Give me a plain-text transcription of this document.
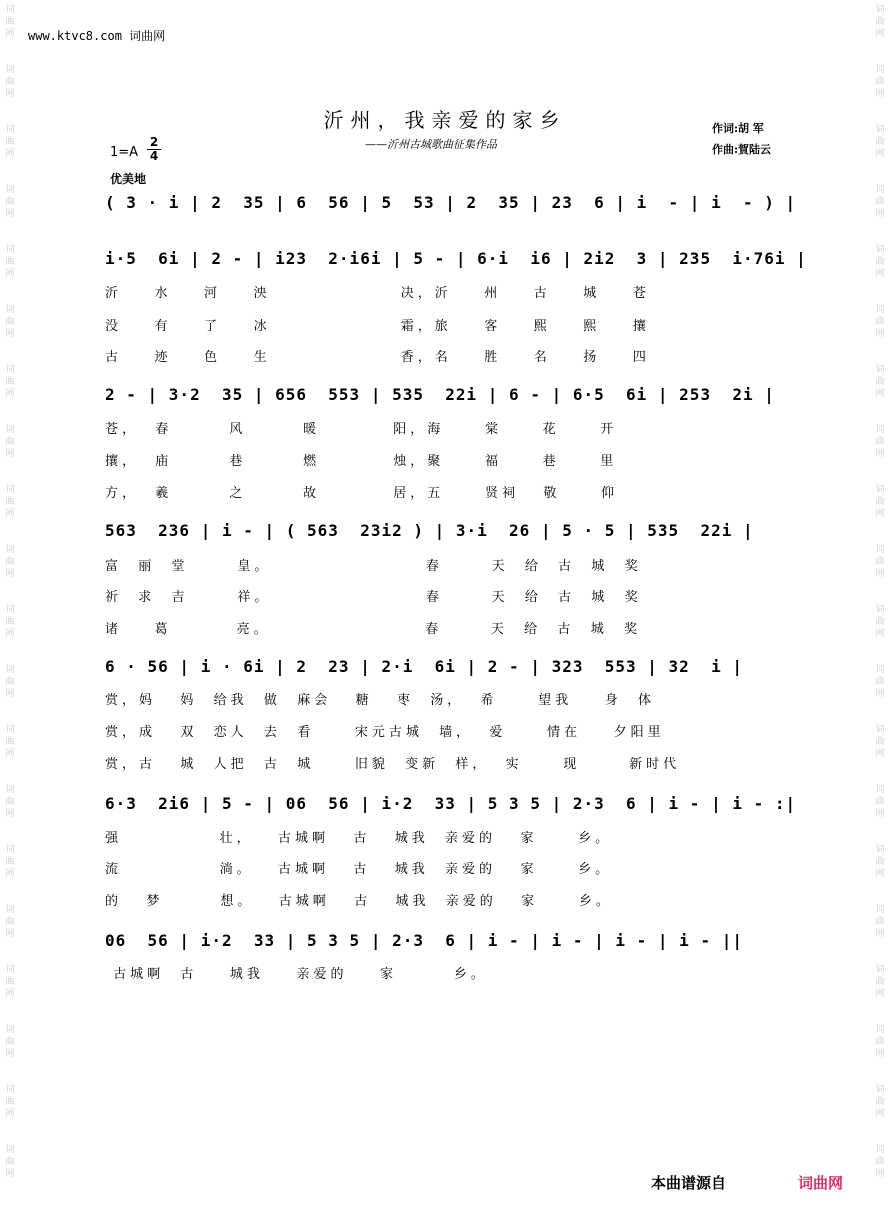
词
曲
网
词
曲
网
词
曲
网
词
曲
网
词
曲
网
词
曲
网
词
曲
网
词
曲
网
词
曲
网
词
曲
网
词
曲
网
词
曲
网
词
曲
网
词
曲
网
词
曲
网
词
曲
网
词
曲
网
词
曲
网
词
曲
网
词
曲
网
词
曲
网
词
曲
网
词
曲
网
词
曲
网
词
曲
网
词
曲
网
词
曲
网
词
曲
网
词
曲
网
词
曲
网
词
曲
网
词
曲
网
词
曲
网
词
曲
网
词
曲
网
词
曲
网
词
曲
网
词
曲
网
词
曲
网
词
曲
网
www.ktvc8.com 词曲网
沂州，我亲爱的家乡
——沂州古城歌曲征集作品
作词:胡 军
作曲:賀陆云
1=A
2
4
优美地
( 3 · i | 2  35 | 6  56 | 5  53 | 2  35 | 23  6 | i  - | i  - ) |
i·5  6i | 2 - | i23  2·i6i | 5 - | 6·i  i6 | 2i2  3 | 235  i·76i |
沂    水    河    泱                决，沂    州    古    城    苍
没    有    了    冰                霜，旅    客    熙    熙    攘
古    迹    色    生                香，名    胜    名    扬    四
2 - | 3·2  35 | 656  553 | 535  22i | 6 - | 6·5  6i | 253  2i |
苍，  春       风       暖         阳，海     棠     花     开
攘，  庙       巷       燃         烛，聚     福     巷     里
方，  羲       之       故         居，五     贤祠   敬     仰
563  236 | i - | ( 563  23i2 ) | 3·i  26 | 5 · 5 | 535  22i |
富  丽  堂      皇。                   春      天  给  古  城  奖
祈  求  吉      祥。                   春      天  给  古  城  奖
诸    葛        亮。                   春      天  给  古  城  奖
6 · 56 | i · 6i | 2  23 | 2·i  6i | 2 - | 323  553 | 32  i |
赏，妈   妈  给我  做  麻会   糖   枣  汤，  希     望我    身  体
赏，成   双  恋人  去  看     宋元古城  墙，  爱     情在    夕阳里
赏，古   城  人把  古  城     旧貌  变新  样，  实     现      新时代
6·3  2i6 | 5 - | 06  56 | i·2  33 | 5 3 5 | 2·3  6 | i - | i - :|
强            壮，   古城啊   古   城我  亲爱的   家     乡。
流            淌。   古城啊   古   城我  亲爱的   家     乡。
的   梦       想。   古城啊   古   城我  亲爱的   家     乡。
06  56 | i·2  33 | 5 3 5 | 2·3  6 | i - | i - | i - | i - ||
古城啊  古    城我    亲爱的    家       乡。
本曲谱源自	词曲网
